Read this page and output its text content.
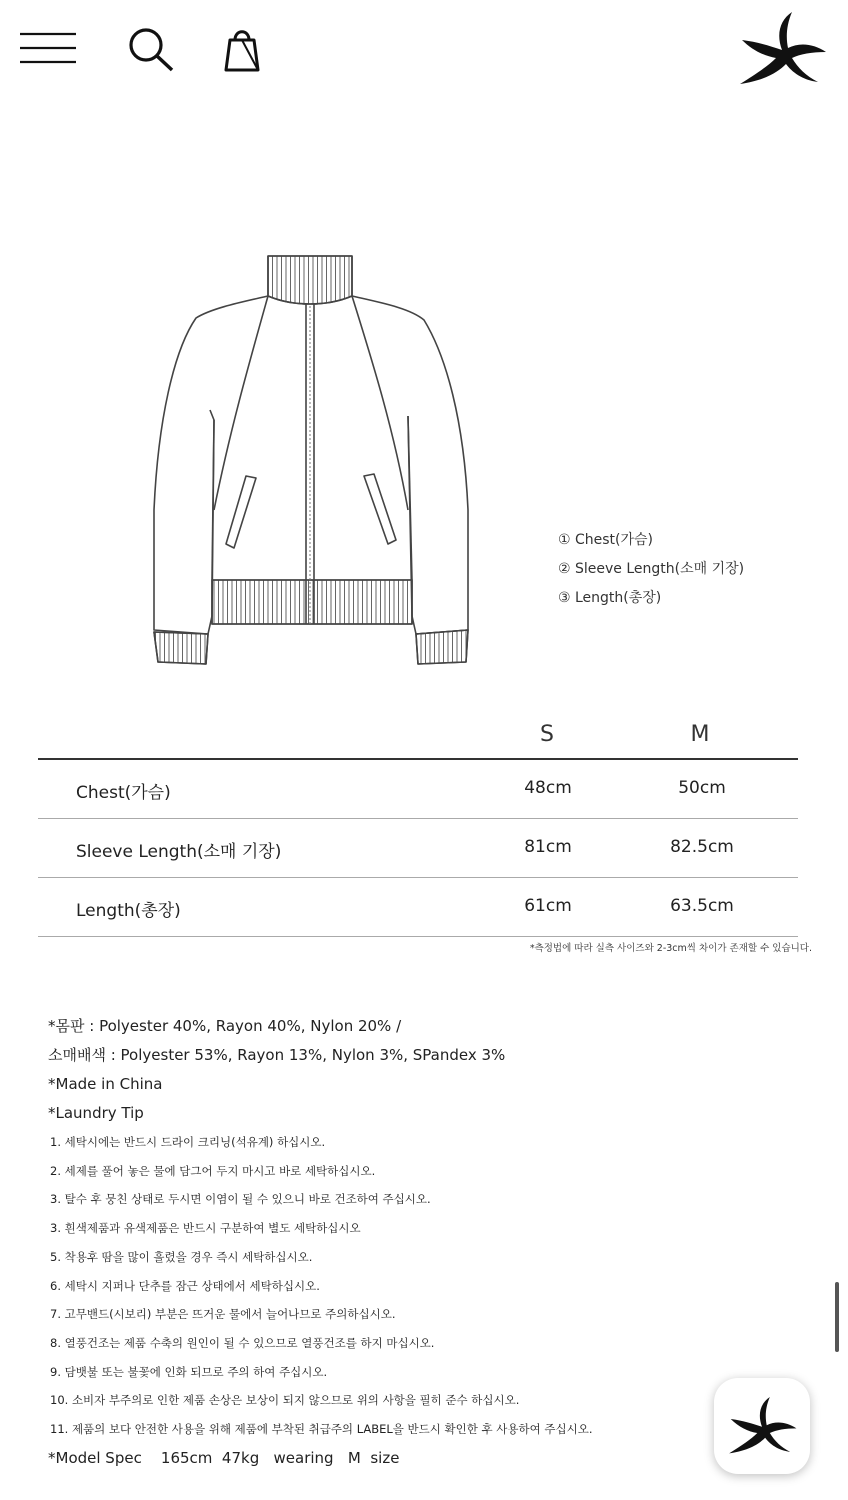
① Chest(가슴)
② Sleeve Length(소매 기장)
③ Length(총장)
S	M
Chest(가슴)	48cm	50cm
Sleeve Length(소매 기장)	81cm	82.5cm
Length(총장)	61cm	63.5cm
*측정법에 따라 실측 사이즈와 2-3cm씩 차이가 존재할 수 있습니다.
*몸판 : Polyester 40%, Rayon 40%, Nylon 20% /
소매배색 : Polyester 53%, Rayon 13%, Nylon 3%, SPandex 3%
*Made in China
*Laundry Tip
1. 세탁시에는 반드시 드라이 크리닝(석유계) 하십시오.
2. 세제를 풀어 놓은 물에 담그어 두지 마시고 바로 세탁하십시오.
3. 탈수 후 뭉친 상태로 두시면 이염이 될 수 있으니 바로 건조하여 주십시오.
3. 흰색제품과 유색제품은 반드시 구분하여 별도 세탁하십시오
5. 착용후 땀을 많이 흘렸을 경우 즉시 세탁하십시오.
6. 세탁시 지퍼나 단추를 잠근 상태에서 세탁하십시오.
7. 고무밴드(시보리) 부분은 뜨거운 물에서 늘어나므로 주의하십시오.
8. 열풍건조는 제품 수축의 원인이 될 수 있으므로 열풍건조를 하지 마십시오.
9. 담뱃불 또는 불꽃에 인화 되므로 주의 하여 주십시오.
10. 소비자 부주의로 인한 제품 손상은 보상이 되지 않으므로 위의 사항을 필히 준수 하십시오.
11. 제품의 보다 안전한 사용을 위해 제품에 부착된 취급주의 LABEL을 반드시 확인한 후 사용하여 주십시오.
*Model Spec    165cm  47kg   wearing   M  size
